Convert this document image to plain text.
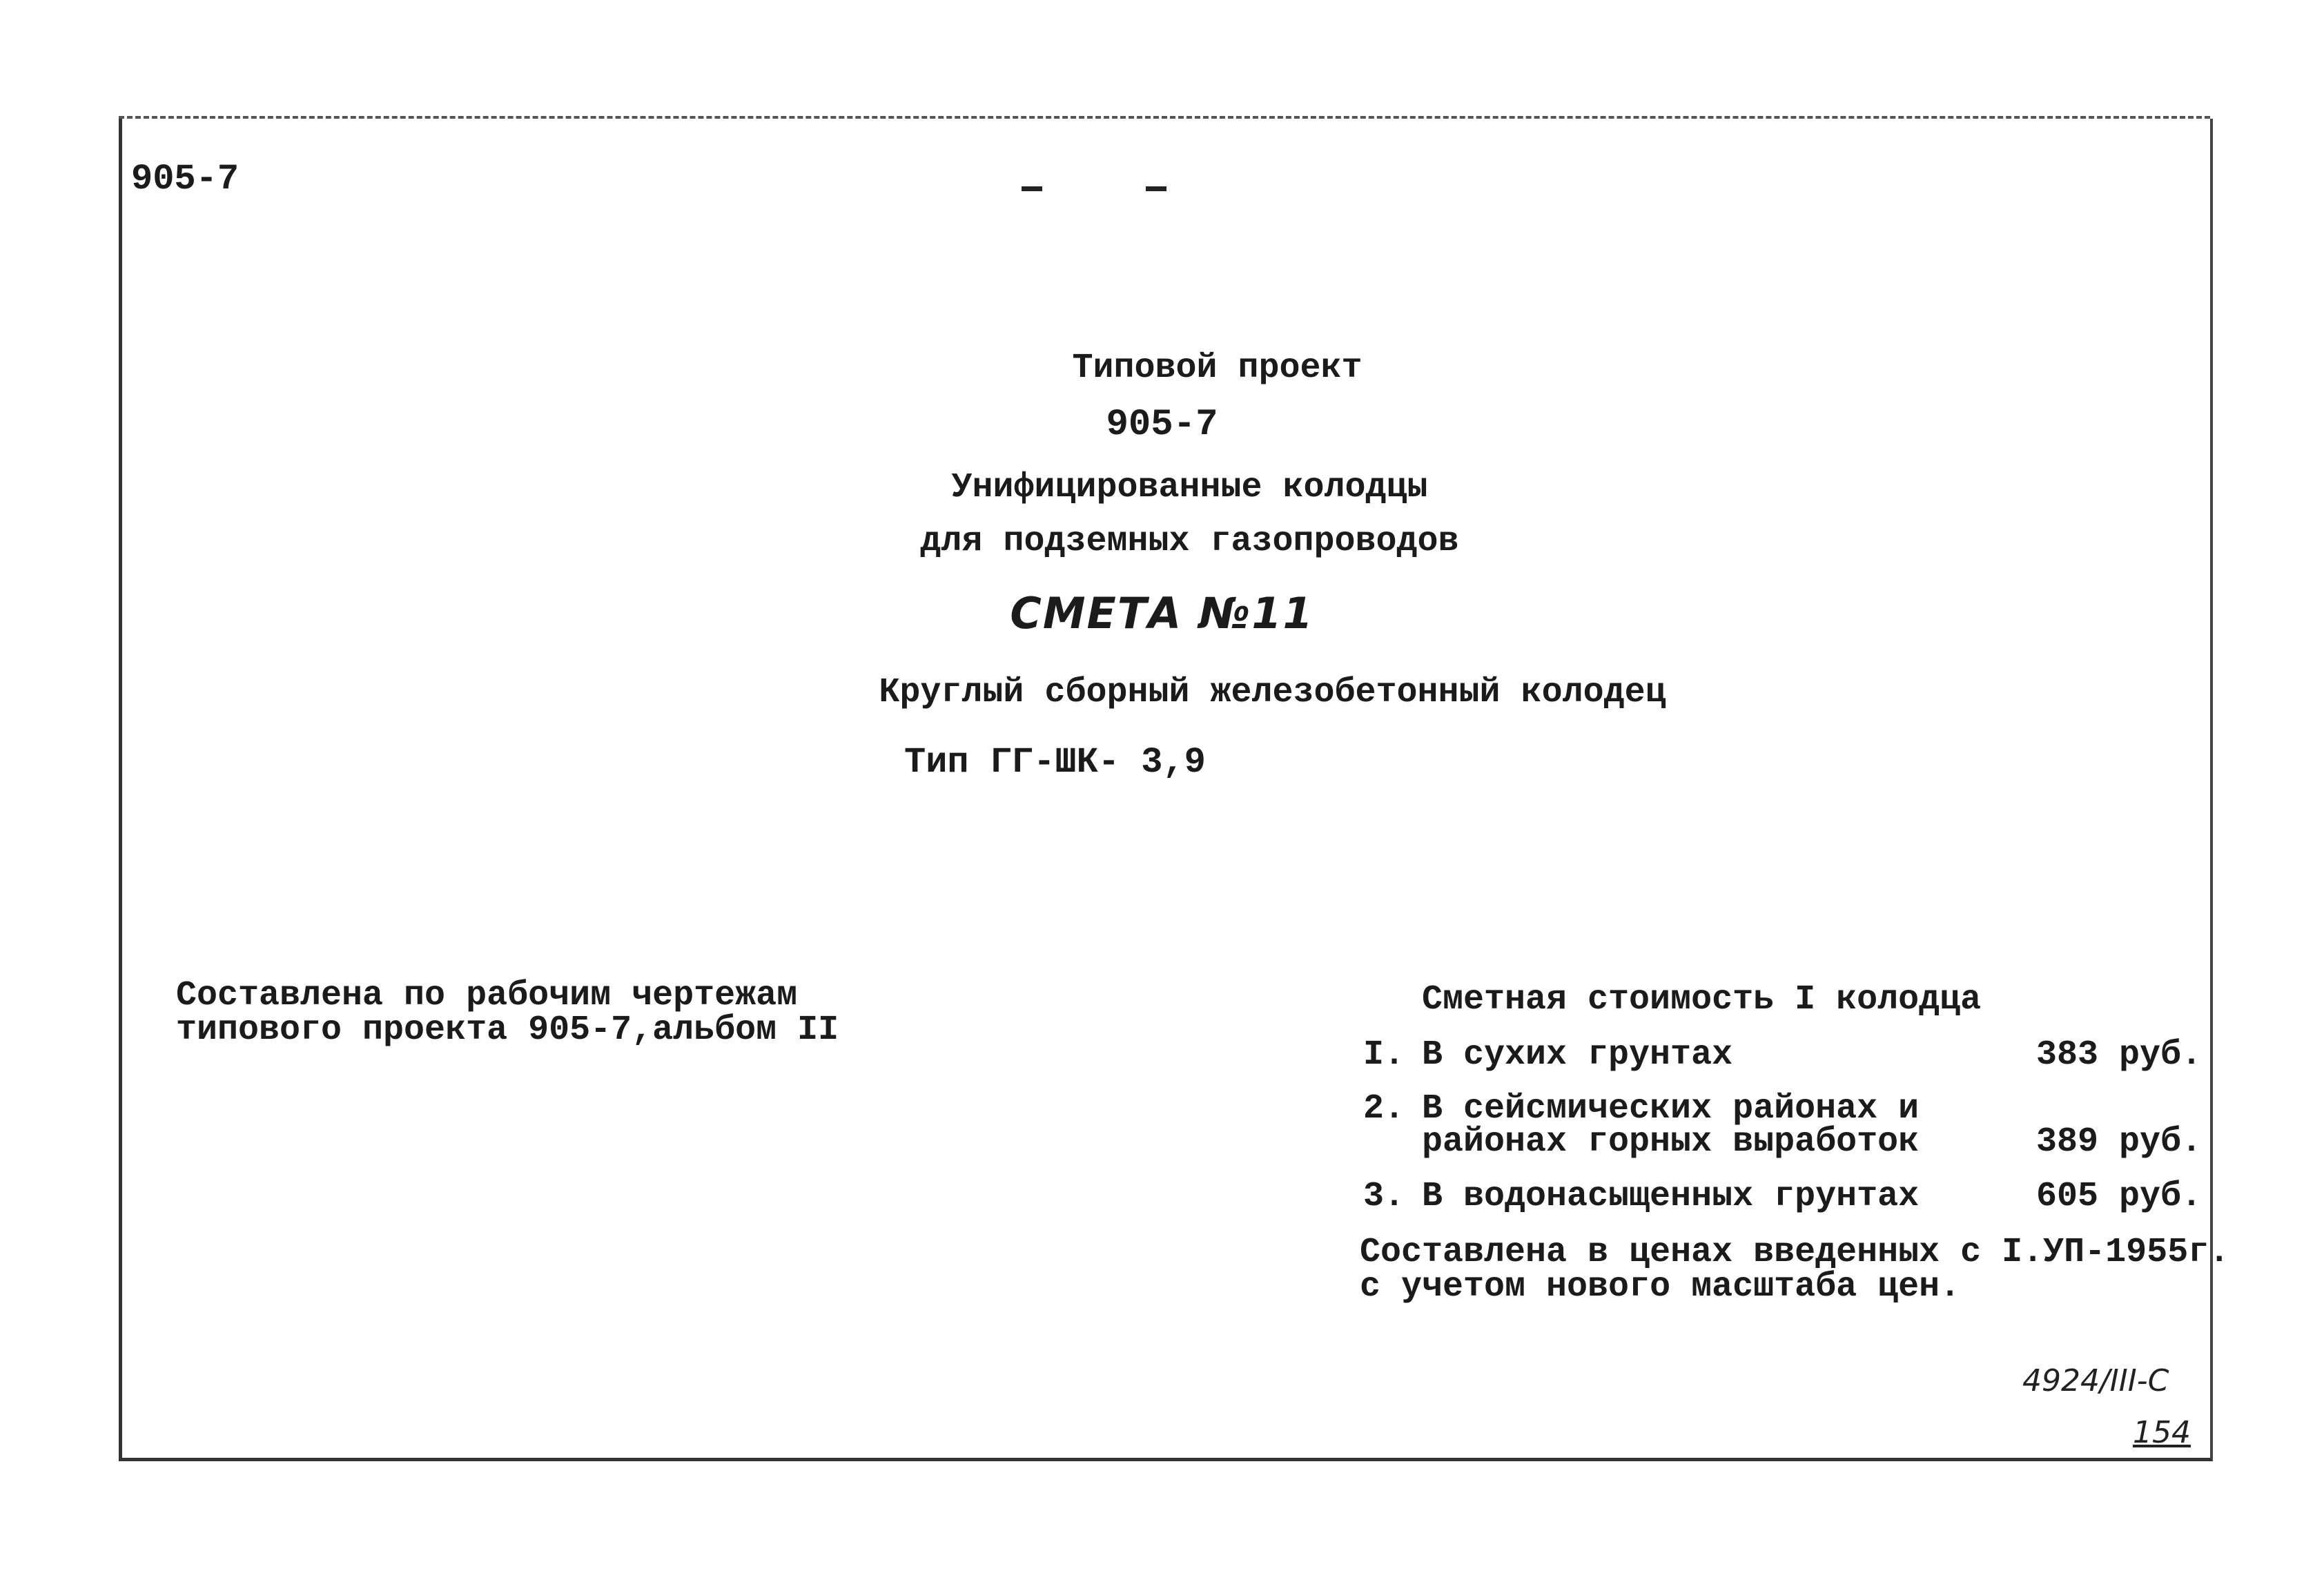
905-7
Типовой проект
905-7
Унифицированные колодцы
для подземных газопроводов
СМЕТА №11
Круглый сборный железобетонный колодец
Тип ГГ-ШК- 3,9
Составлена по рабочим чертежам
типового проекта 905-7,альбом II
Сметная стоимость I колодца
I. В сухих грунтах	383 руб.
2. В сейсмических районах и
районах горных выработок	389 руб.
3. В водонасыщенных грунтах	605 руб.
Составлена в ценах введенных с I.УП-1955г.
с учетом нового масштаба цен.
4924/III-С
154
